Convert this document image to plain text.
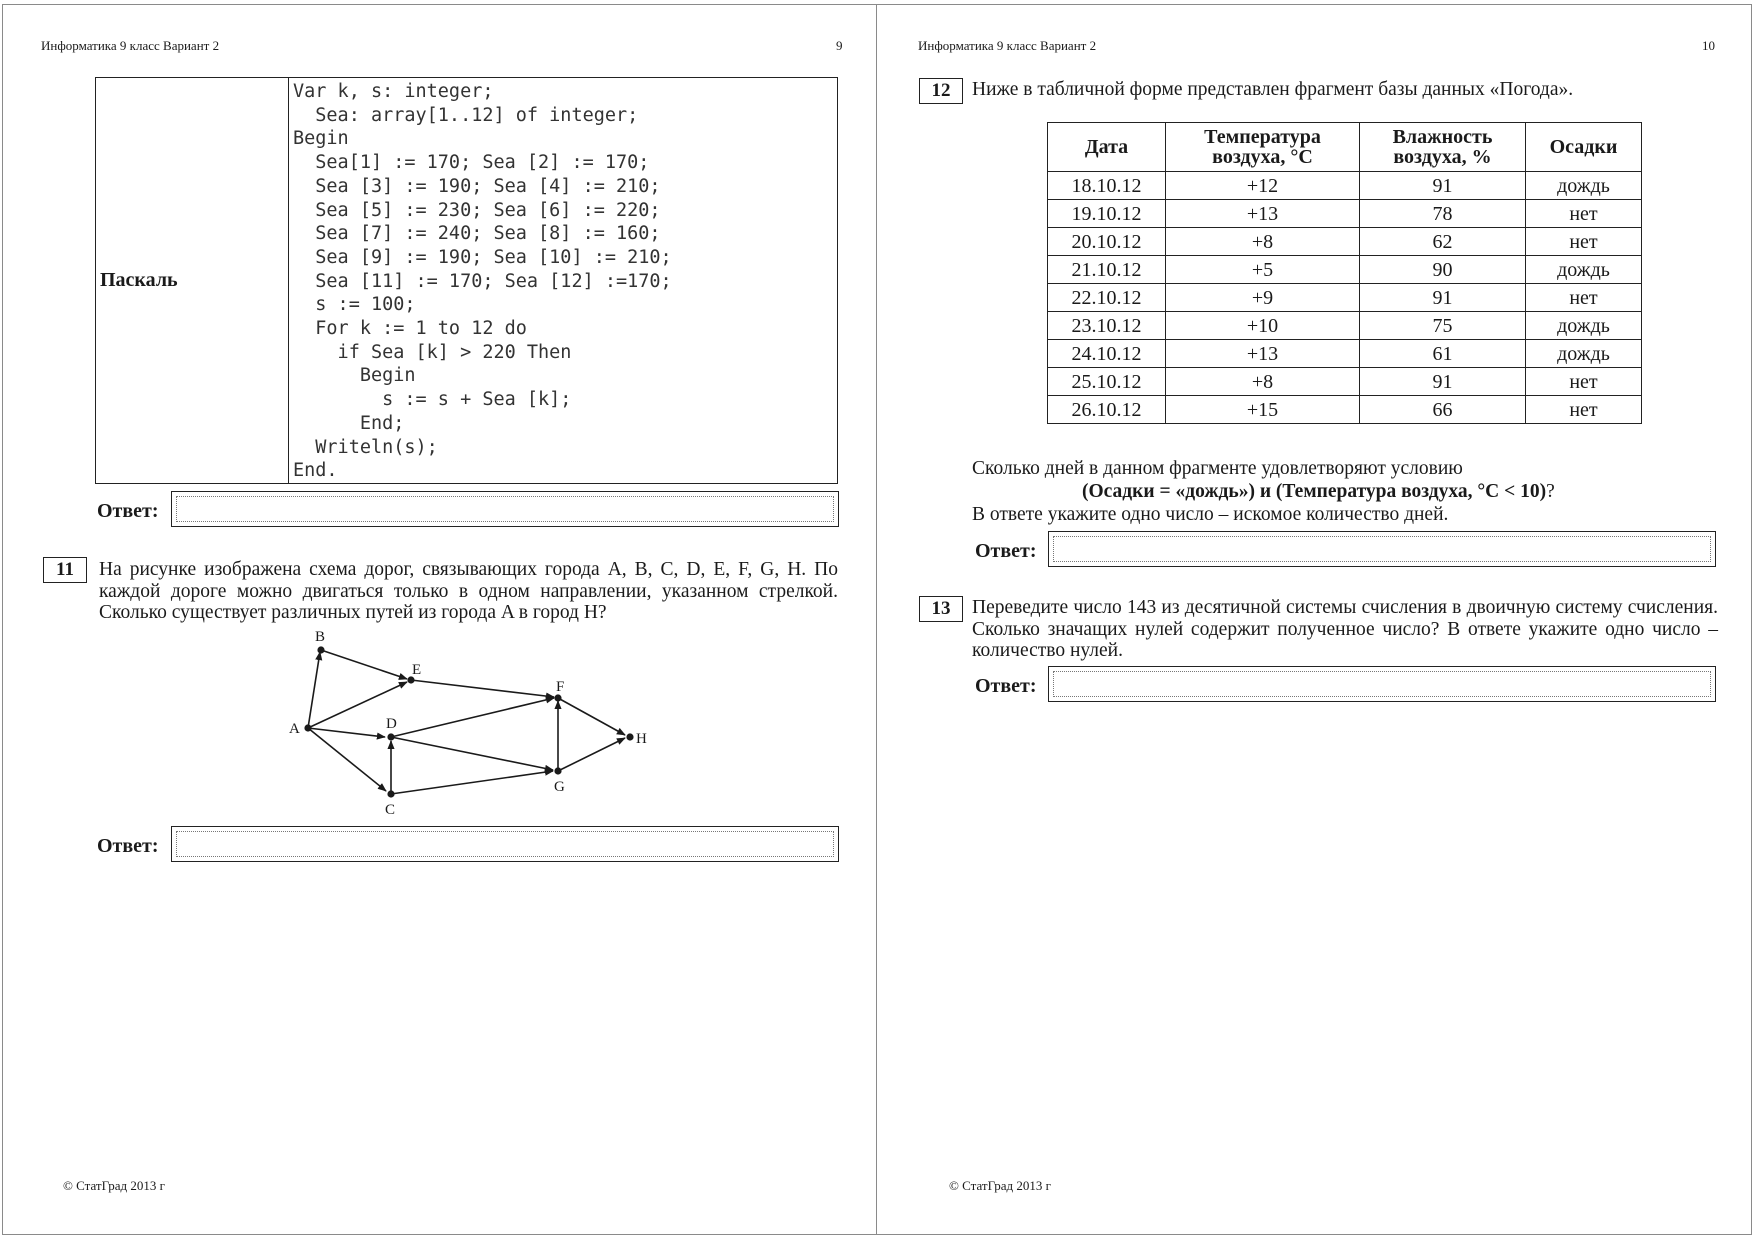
Информатика 9 класс Вариант 2	9
Паскаль
Var k, s: integer;
Sea: array[1..12] of integer;
Begin
Sea[1] := 170; Sea [2] := 170;
Sea [3] := 190; Sea [4] := 210;
Sea [5] := 230; Sea [6] := 220;
Sea [7] := 240; Sea [8] := 160;
Sea [9] := 190; Sea [10] := 210;
Sea [11] := 170; Sea [12] :=170;
s := 100;
For k := 1 to 12 do
if Sea [k] > 220 Then
Begin
s := s + Sea [k];
End;
Writeln(s);
End.
Ответ:
11	На рисунке изображена схема дорог, связывающих города A, B, C, D, E, F, G, H. По каждой дороге можно двигаться только в одном направлении, указанном стрелкой. Сколько существует различных путей из города A в город H?
A
B
C
D
E
F
G
H
Ответ:
© СтатГрад 2013 г
Информатика 9 класс Вариант 2	10
12	Ниже в табличной форме представлен фрагмент базы данных «Погода».
© СтатГрад 2013 г
Дата	Температура воздуха, °С	Влажность воздуха, %	Осадки
18.10.12	+12	91	дождь
19.10.12	+13	78	нет
20.10.12	+8	62	нет
21.10.12	+5	90	дождь
22.10.12	+9	91	нет
23.10.12	+10	75	дождь
24.10.12	+13	61	дождь
25.10.12	+8	91	нет
26.10.12	+15	66	нет
Сколько дней в данном фрагменте удовлетворяют условию
(Осадки = «дождь») и (Температура воздуха, °С < 10)?
В ответе укажите одно число – искомое количество дней.
Ответ:
13	Переведите число 143 из десятичной системы счисления в двоичную систему счисления. Сколько значащих нулей содержит полученное число? В ответе укажите одно число – количество нулей.
Ответ:
